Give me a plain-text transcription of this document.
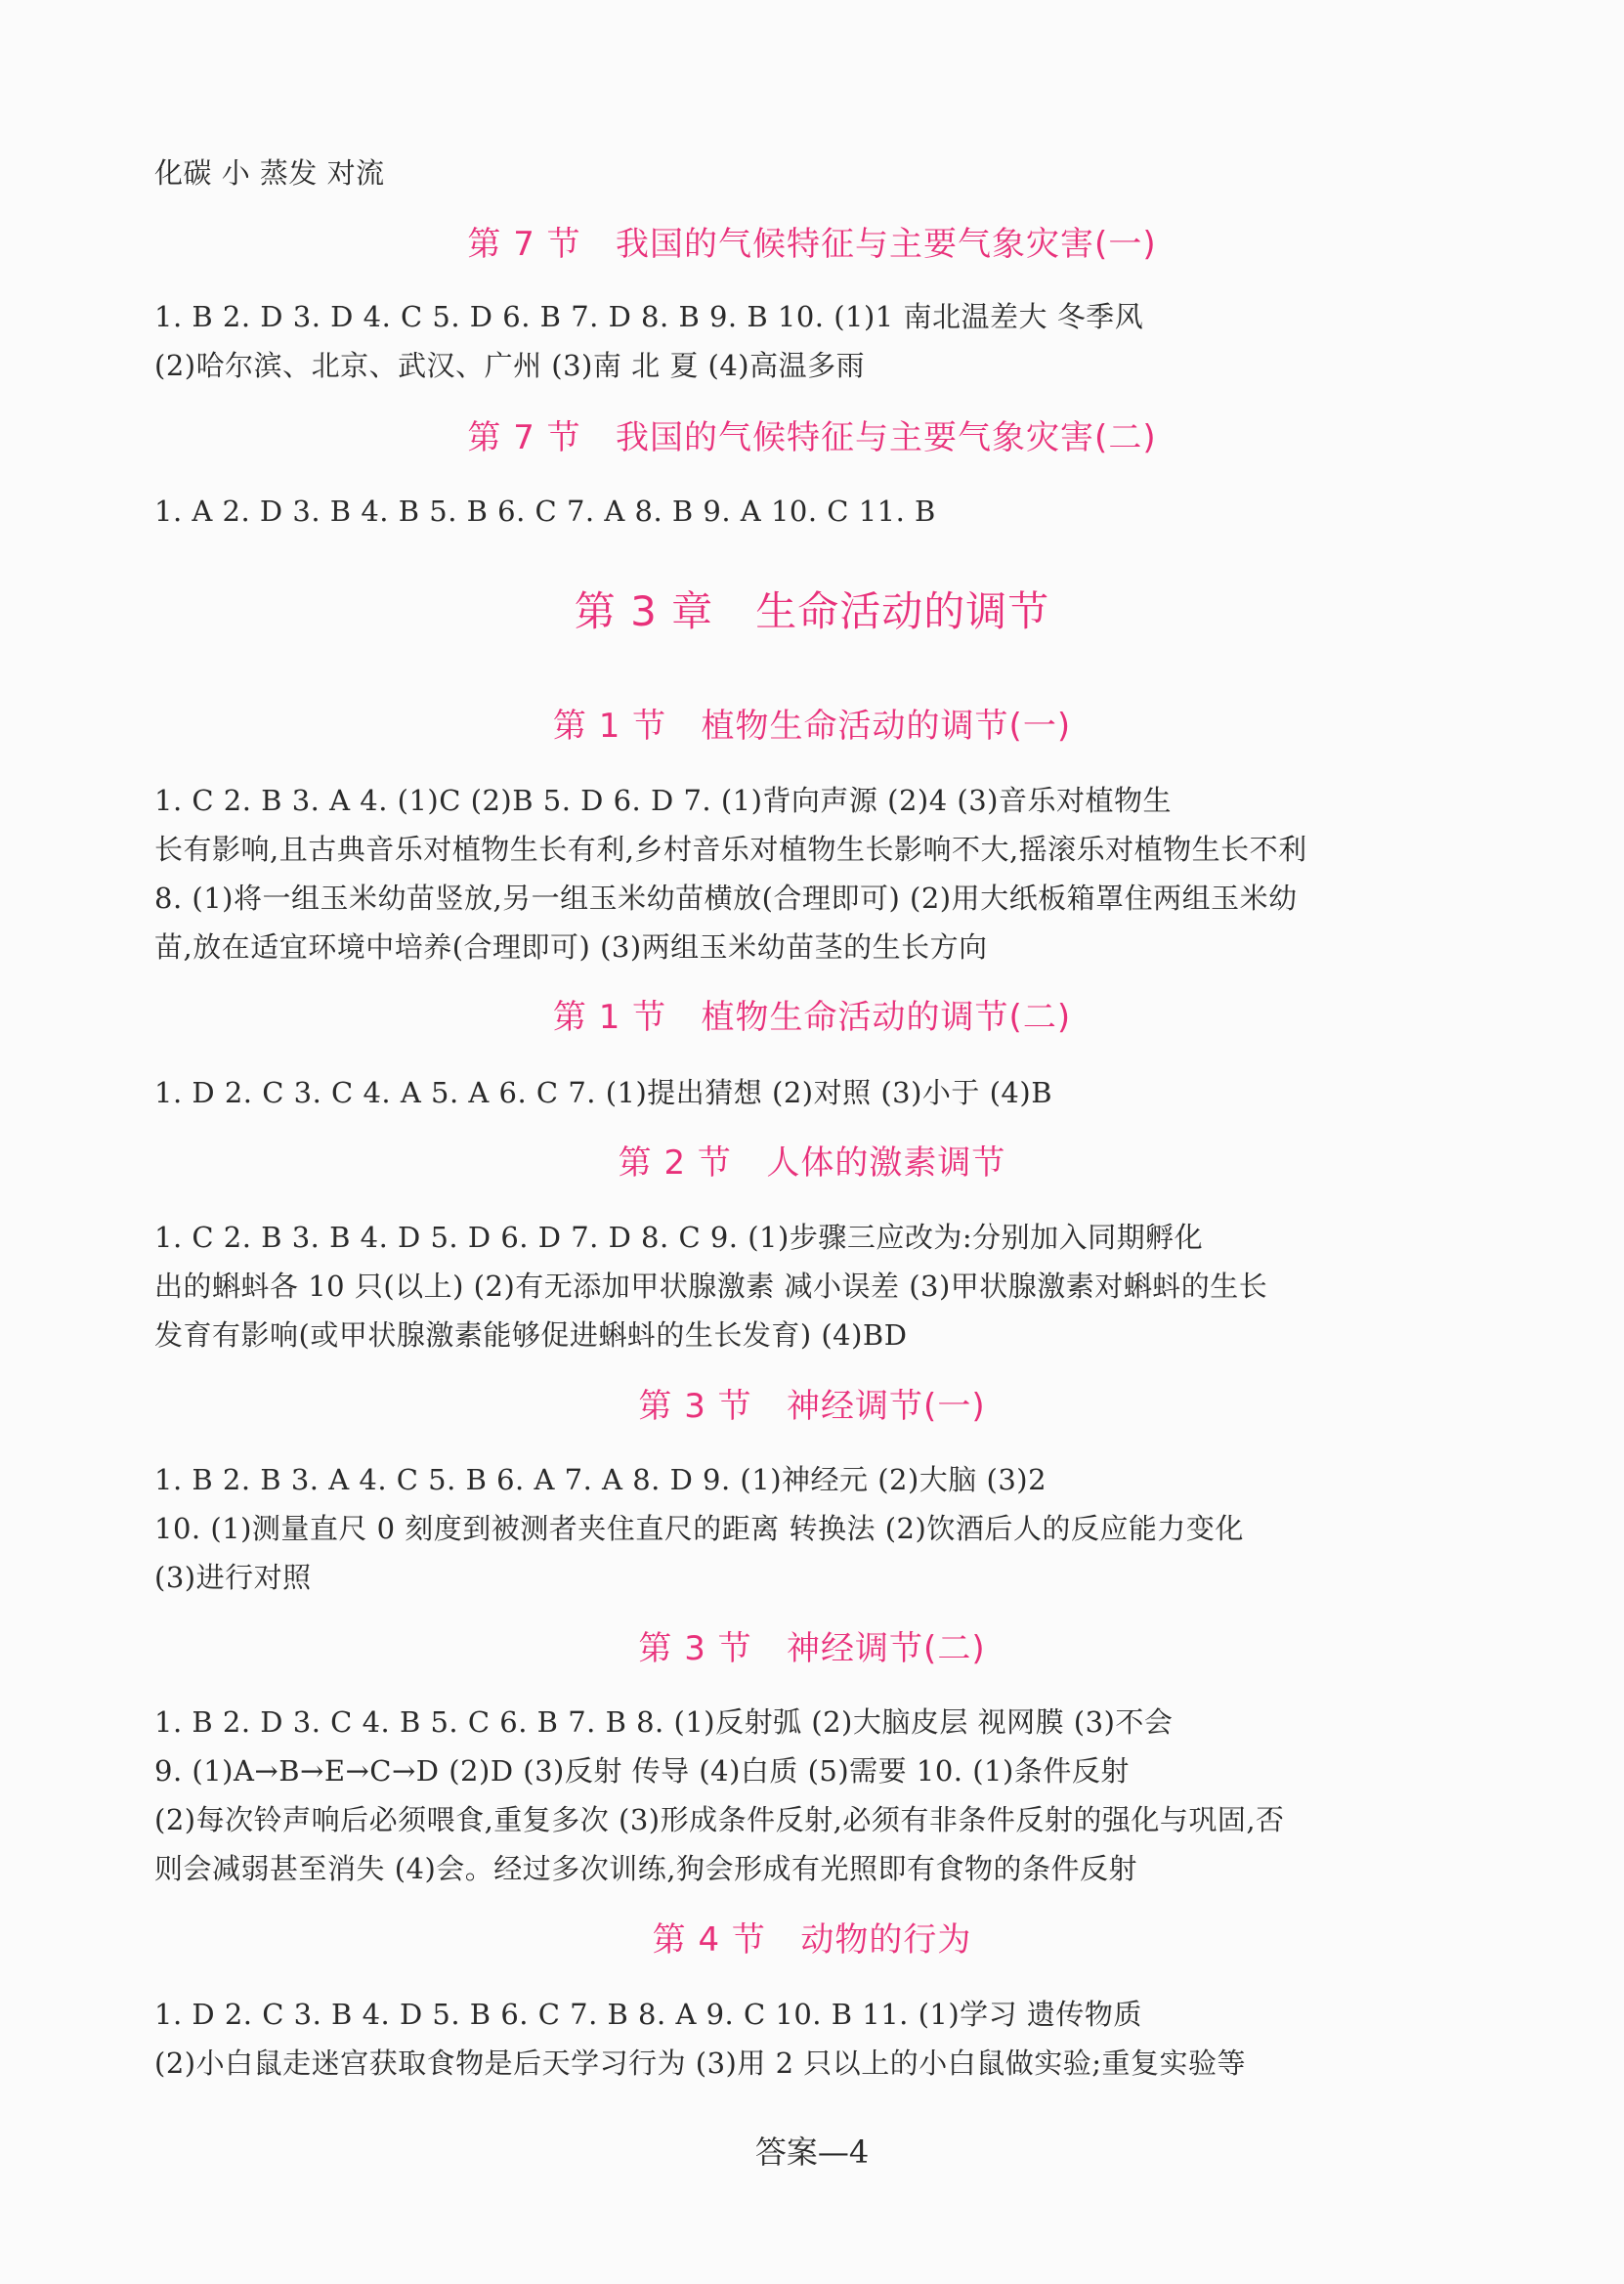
化碳 小 蒸发 对流
第 7 节   我国的气候特征与主要气象灾害(一)
1. B 2. D 3. D 4. C 5. D 6. B 7. D 8. B 9. B 10. (1)1 南北温差大 冬季风
(2)哈尔滨、北京、武汉、广州 (3)南 北 夏 (4)高温多雨
第 7 节   我国的气候特征与主要气象灾害(二)
1. A 2. D 3. B 4. B 5. B 6. C 7. A 8. B 9. A 10. C 11. B
第 3 章   生命活动的调节
第 1 节   植物生命活动的调节(一)
1. C 2. B 3. A 4. (1)C (2)B 5. D 6. D 7. (1)背向声源 (2)4 (3)音乐对植物生
长有影响,且古典音乐对植物生长有利,乡村音乐对植物生长影响不大,摇滚乐对植物生长不利
8. (1)将一组玉米幼苗竖放,另一组玉米幼苗横放(合理即可) (2)用大纸板箱罩住两组玉米幼
苗,放在适宜环境中培养(合理即可) (3)两组玉米幼苗茎的生长方向
第 1 节   植物生命活动的调节(二)
1. D 2. C 3. C 4. A 5. A 6. C 7. (1)提出猜想 (2)对照 (3)小于 (4)B
第 2 节   人体的激素调节
1. C 2. B 3. B 4. D 5. D 6. D 7. D 8. C 9. (1)步骤三应改为:分别加入同期孵化
出的蝌蚪各 10 只(以上) (2)有无添加甲状腺激素 减小误差 (3)甲状腺激素对蝌蚪的生长
发育有影响(或甲状腺激素能够促进蝌蚪的生长发育) (4)BD
第 3 节   神经调节(一)
1. B 2. B 3. A 4. C 5. B 6. A 7. A 8. D 9. (1)神经元 (2)大脑 (3)2
10. (1)测量直尺 0 刻度到被测者夹住直尺的距离 转换法 (2)饮酒后人的反应能力变化
(3)进行对照
第 3 节   神经调节(二)
1. B 2. D 3. C 4. B 5. C 6. B 7. B 8. (1)反射弧 (2)大脑皮层 视网膜 (3)不会
9. (1)A→B→E→C→D (2)D (3)反射 传导 (4)白质 (5)需要 10. (1)条件反射
(2)每次铃声响后必须喂食,重复多次 (3)形成条件反射,必须有非条件反射的强化与巩固,否
则会减弱甚至消失 (4)会。经过多次训练,狗会形成有光照即有食物的条件反射
第 4 节   动物的行为
1. D 2. C 3. B 4. D 5. B 6. C 7. B 8. A 9. C 10. B 11. (1)学习 遗传物质
(2)小白鼠走迷宫获取食物是后天学习行为 (3)用 2 只以上的小白鼠做实验;重复实验等
答案—4
